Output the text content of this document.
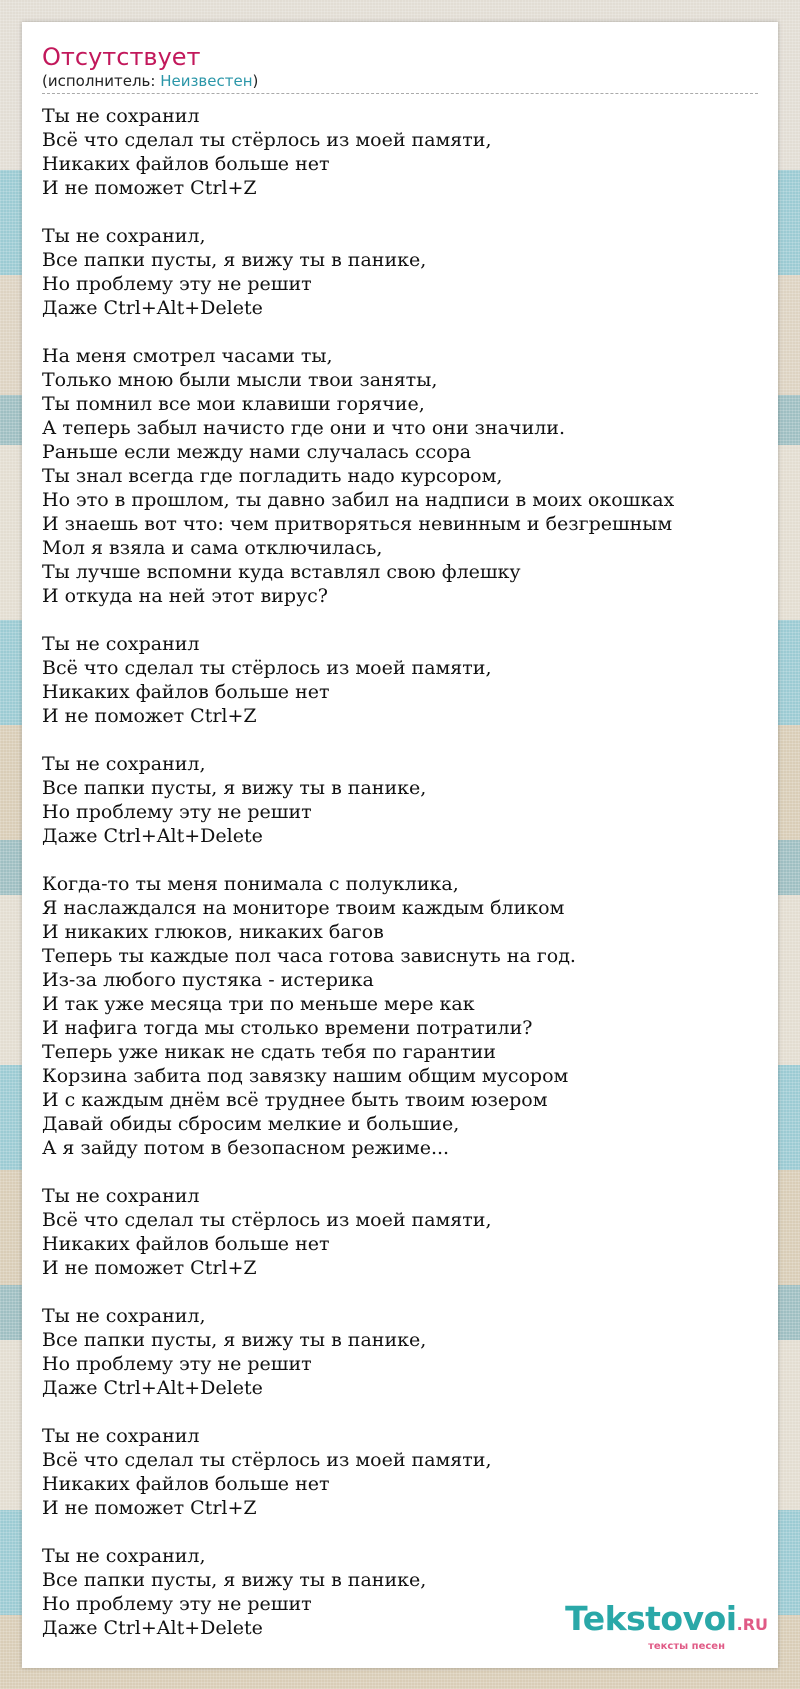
Отсутствует
(исполнитель: Неизвестен)
Ты не сохранил
Всё что сделал ты стёрлось из моей памяти,
Никаких файлов больше нет
И не поможет Ctrl+Z
Ты не сохранил,
Все папки пусты, я вижу ты в панике,
Но проблему эту не решит
Даже Ctrl+Alt+Delete
На меня смотрел часами ты,
Только мною были мысли твои заняты,
Ты помнил все мои клавиши горячие,
А теперь забыл начисто где они и что они значили.
Раньше если между нами случалась ссора
Ты знал всегда где погладить надо курсором,
Но это в прошлом, ты давно забил на надписи в моих окошках
И знаешь вот что: чем притворяться невинным и безгрешным
Мол я взяла и сама отключилась,
Ты лучше вспомни куда вставлял свою флешку
И откуда на ней этот вирус?
Ты не сохранил
Всё что сделал ты стёрлось из моей памяти,
Никаких файлов больше нет
И не поможет Ctrl+Z
Ты не сохранил,
Все папки пусты, я вижу ты в панике,
Но проблему эту не решит
Даже Ctrl+Alt+Delete
Когда-то ты меня понимала с полуклика,
Я наслаждался на мониторе твоим каждым бликом
И никаких глюков, никаких багов
Теперь ты каждые пол часа готова зависнуть на год.
Из-за любого пустяка - истерика
И так уже месяца три по меньше мере как
И нафига тогда мы столько времени потратили?
Теперь уже никак не сдать тебя по гарантии
Корзина забита под завязку нашим общим мусором
И с каждым днём всё труднее быть твоим юзером
Давай обиды сбросим мелкие и большие,
А я зайду потом в безопасном режиме...
Ты не сохранил
Всё что сделал ты стёрлось из моей памяти,
Никаких файлов больше нет
И не поможет Ctrl+Z
Ты не сохранил,
Все папки пусты, я вижу ты в панике,
Но проблему эту не решит
Даже Ctrl+Alt+Delete
Ты не сохранил
Всё что сделал ты стёрлось из моей памяти,
Никаких файлов больше нет
И не поможет Ctrl+Z
Ты не сохранил,
Все папки пусты, я вижу ты в панике,
Но проблему эту не решит
Даже Ctrl+Alt+Delete	Tekstovoi.RU
тексты песен
